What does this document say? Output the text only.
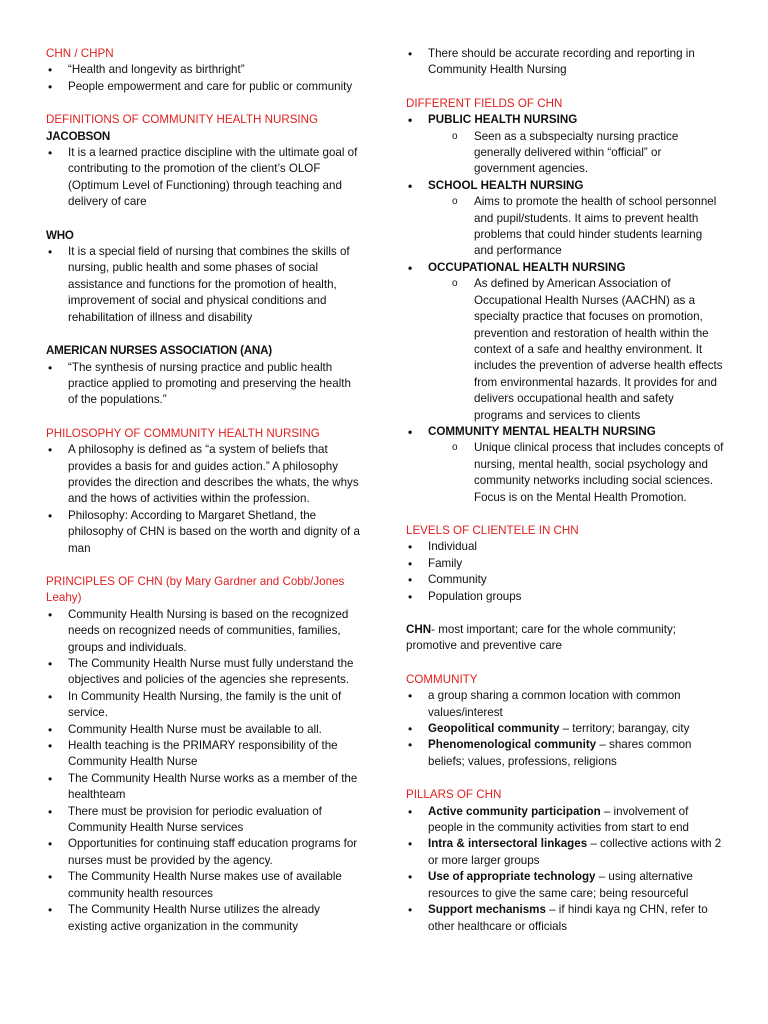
CHN / CHPN

• “Health and longevity as birthright”
• People empowerment and care for public or community

DEFINITIONS OF COMMUNITY HEALTH NURSING

JACOBSON

• It is a learned practice discipline with the ultimate goal of contributing to the promotion of the client’s OLOF (Optimum Level of Functioning) through teaching and delivery of care

WHO

• It is a special field of nursing that combines the skills of nursing, public health and some phases of social assistance and functions for the promotion of health, improvement of social and physical conditions and rehabilitation of illness and disability

AMERICAN NURSES ASSOCIATION (ANA)

• “The synthesis of nursing practice and public health practice applied to promoting and preserving the health of the populations.”

PHILOSOPHY OF COMMUNITY HEALTH NURSING

• A philosophy is defined as “a system of beliefs that provides a basis for and guides action.” A philosophy provides the direction and describes the whats, the whys and the hows of activities within the profession.
• Philosophy: According to Margaret Shetland, the philosophy of CHN is based on the worth and dignity of a man

PRINCIPLES OF CHN (by Mary Gardner and Cobb/Jones Leahy)

• Community Health Nursing is based on the recognized needs on recognized needs of communities, families, groups and individuals.
• The Community Health Nurse must fully understand the objectives and policies of the agencies she represents.
• In Community Health Nursing, the family is the unit of service.
• Community Health Nurse must be available to all.
• Health teaching is the PRIMARY responsibility of the Community Health Nurse
• The Community Health Nurse works as a member of the healthteam
• There must be provision for periodic evaluation of Community Health Nurse services
• Opportunities for continuing staff education programs for nurses must be provided by the agency.
• The Community Health Nurse makes use of available community health resources
• The Community Health Nurse utilizes the already existing active organization in the community
• There should be accurate recording and reporting in Community Health Nursing

DIFFERENT FIELDS OF CHN

• PUBLIC HEALTH NURSING
o Seen as a subspecialty nursing practice generally delivered within “official” or government agencies.
• SCHOOL HEALTH NURSING
o Aims to promote the health of school personnel and pupil/students. It aims to prevent health problems that could hinder students learning and performance
• OCCUPATIONAL HEALTH NURSING
o As defined by American Association of Occupational Health Nurses (AACHN) as a specialty practice that focuses on promotion, prevention and restoration of health within the context of a safe and healthy environment. It includes the prevention of adverse health effects from environmental hazards. It provides for and delivers occupational health and safety programs and services to clients
• COMMUNITY MENTAL HEALTH NURSING
o Unique clinical process that includes concepts of nursing, mental health, social psychology and community networks including social sciences. Focus is on the Mental Health Promotion.

LEVELS OF CLIENTELE IN CHN

• Individual
• Family
• Community
• Population groups

CHN- most important; care for the whole community; promotive and preventive care

COMMUNITY

• a group sharing a common location with common values/interest
• Geopolitical community – territory; barangay, city
• Phenomenological community – shares common beliefs; values, professions, religions

PILLARS OF CHN

• Active community participation – involvement of people in the community activities from start to end
• Intra & intersectoral linkages – collective actions with 2 or more larger groups
• Use of appropriate technology – using alternative resources to give the same care; being resourceful
• Support mechanisms – if hindi kaya ng CHN, refer to other healthcare or officials
